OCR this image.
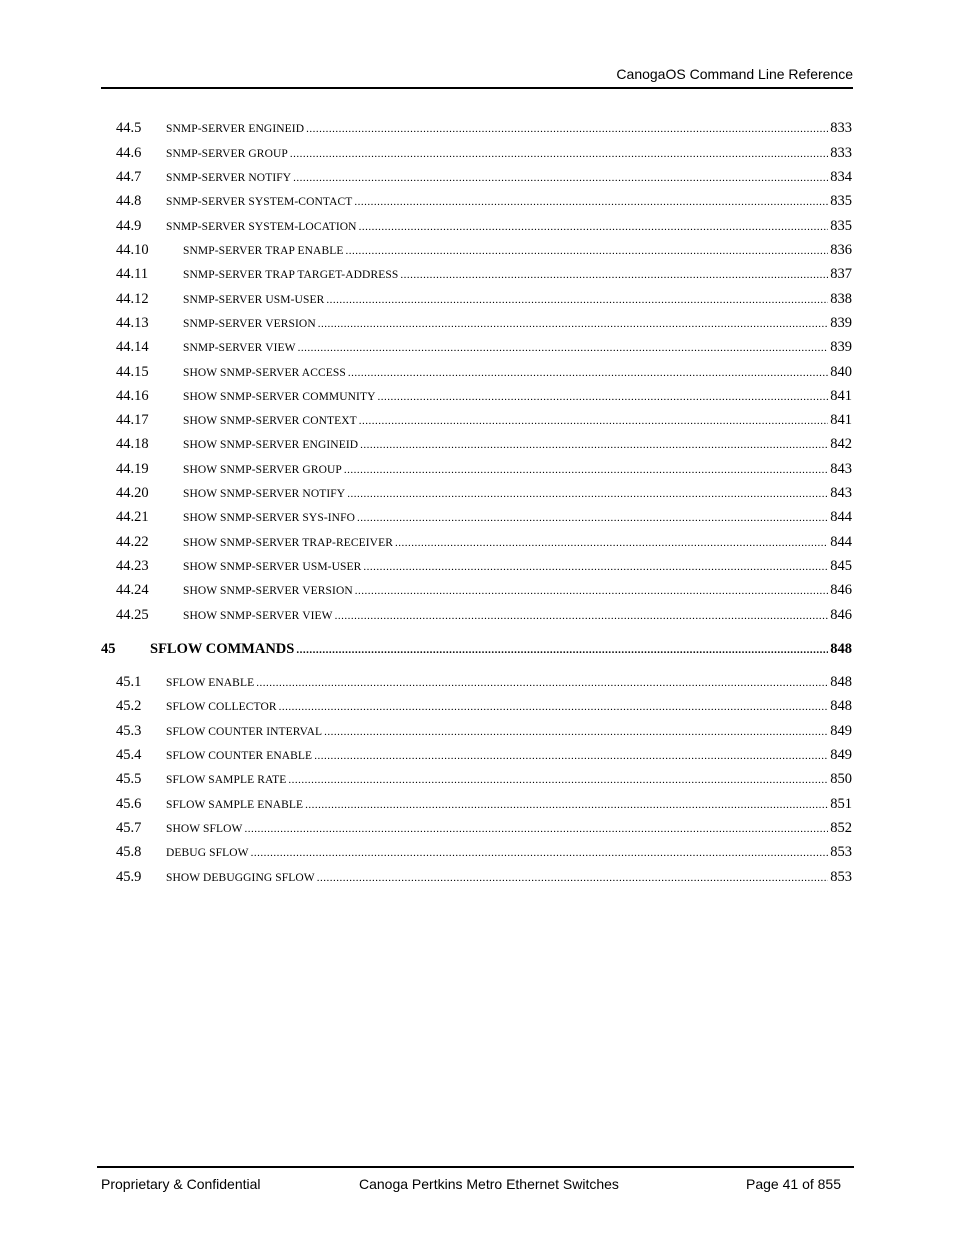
CanogaOS Command Line Reference
44.5	SNMP-SERVER ENGINEID .....	833
44.6	SNMP-SERVER GROUP .....	833
44.7	SNMP-SERVER NOTIFY .....	834
44.8	SNMP-SERVER SYSTEM-CONTACT .....	835
44.9	SNMP-SERVER SYSTEM-LOCATION .....	835
44.10	SNMP-SERVER TRAP ENABLE .....	836
44.11	SNMP-SERVER TRAP TARGET-ADDRESS .....	837
44.12	SNMP-SERVER USM-USER .....	838
44.13	SNMP-SERVER VERSION .....	839
44.14	SNMP-SERVER VIEW .....	839
44.15	SHOW SNMP-SERVER ACCESS .....	840
44.16	SHOW SNMP-SERVER COMMUNITY .....	841
44.17	SHOW SNMP-SERVER CONTEXT .....	841
44.18	SHOW SNMP-SERVER ENGINEID .....	842
44.19	SHOW SNMP-SERVER GROUP .....	843
44.20	SHOW SNMP-SERVER NOTIFY .....	843
44.21	SHOW SNMP-SERVER SYS-INFO .....	844
44.22	SHOW SNMP-SERVER TRAP-RECEIVER .....	844
44.23	SHOW SNMP-SERVER USM-USER .....	845
44.24	SHOW SNMP-SERVER VERSION .....	846
44.25	SHOW SNMP-SERVER VIEW .....	846
45	SFLOW COMMANDS .....	848
45.1	SFLOW ENABLE .....	848
45.2	SFLOW COLLECTOR .....	848
45.3	SFLOW COUNTER INTERVAL .....	849
45.4	SFLOW COUNTER ENABLE .....	849
45.5	SFLOW SAMPLE RATE .....	850
45.6	SFLOW SAMPLE ENABLE .....	851
45.7	SHOW SFLOW .....	852
45.8	DEBUG SFLOW .....	853
45.9	SHOW DEBUGGING SFLOW .....	853
Proprietary & Confidential	Canoga Pertkins Metro Ethernet Switches	Page 41 of 855
